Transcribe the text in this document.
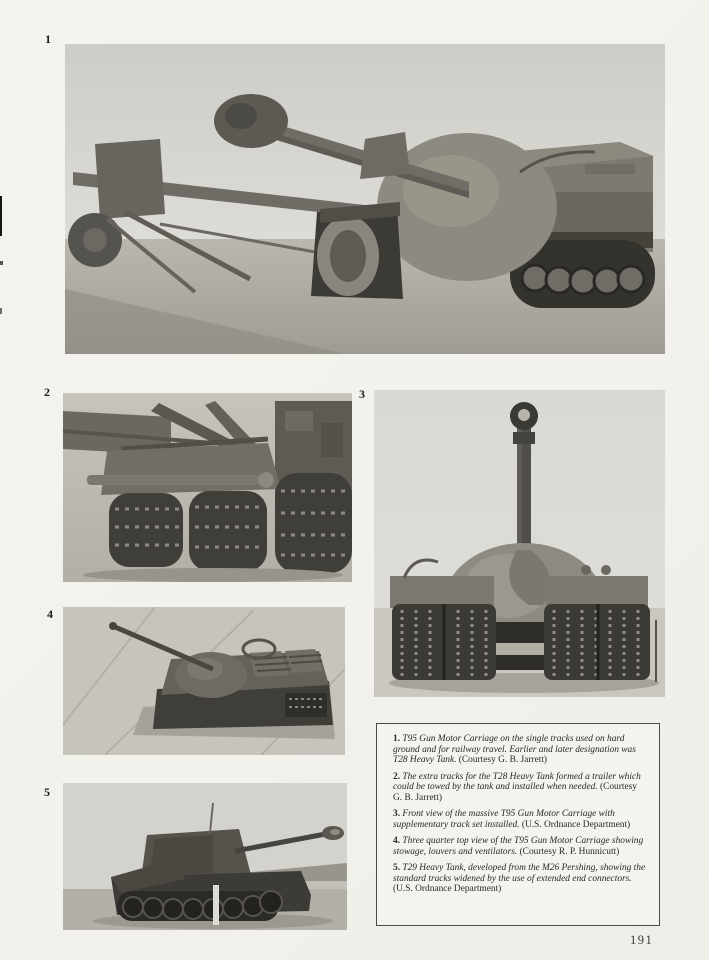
1
2	3
4
5

1. T95 Gun Motor Carriage on the single tracks used on hard ground and for railway travel. Earlier and later designation was T28 Heavy Tank. (Courtesy G. B. Jarrett)

2. The extra tracks for the T28 Heavy Tank formed a trailer which could be towed by the tank and installed when needed. (Courtesy G. B. Jarrett)

3. Front view of the massive T95 Gun Motor Carriage with supplementary track set installed. (U.S. Ordnance Department)

4. Three quarter top view of the T95 Gun Motor Carriage showing stowage, louvers and ventilators. (Courtesy R. P. Hunnicutt)

5. T29 Heavy Tank, developed from the M26 Pershing, showing the standard tracks widened by the use of extended end connectors. (U.S. Ordnance Department)

191
